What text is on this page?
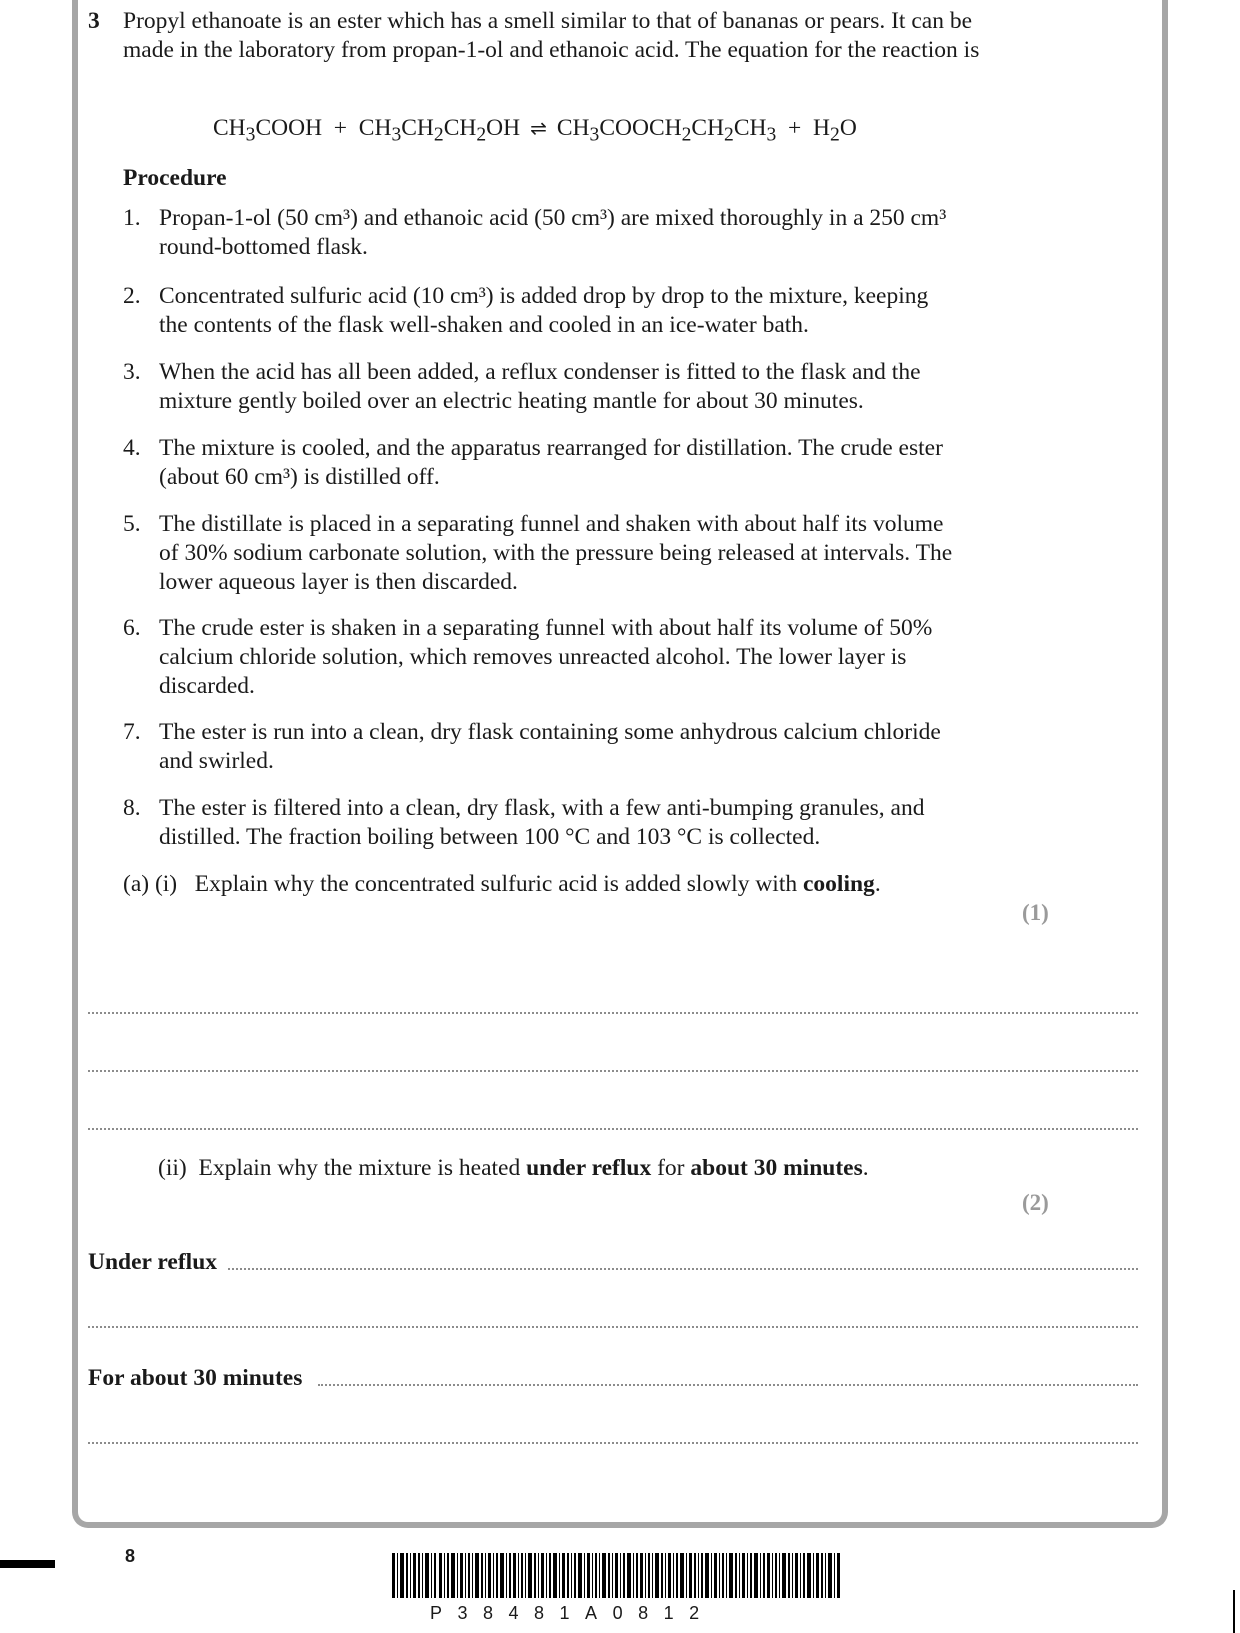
3 Propyl ethanoate is an ester which has a smell similar to that of bananas or pears. It can be made in the laboratory from propan-1-ol and ethanoic acid. The equation for the reaction is
$CH_3COOH + CH_3CH_2CH_2OH$ ⇌ $CH_3COOCH_2CH_2CH_3 + H_2O$
Procedure
1. Propan-1-ol (50 cm³) and ethanoic acid (50 cm³) are mixed thoroughly in a 250 cm³
round-bottomed flask.
2. Concentrated sulfuric acid (10 cm³) is added drop by drop to the mixture, keeping
the contents of the flask well-shaken and cooled in an ice-water bath.
3. When the acid has all been added, a reflux condenser is fitted to the flask and the
mixture gently boiled over an electric heating mantle for about 30 minutes.
4. The mixture is cooled, and the apparatus rearranged for distillation. The crude ester
(about 60 cm³) is distilled off.
5. The distillate is placed in a separating funnel and shaken with about half its volume
of 30% sodium carbonate solution, with the pressure being released at intervals. The
lower aqueous layer is then discarded.
6. The crude ester is shaken in a separating funnel with about half its volume of 50%
calcium chloride solution, which removes unreacted alcohol. The lower layer is
discarded.
7. The ester is run into a clean, dry flask containing some anhydrous calcium chloride
and swirled.
8. The ester is filtered into a clean, dry flask, with a few anti-bumping granules, and
distilled. The fraction boiling between 100 °C and 103 °C is collected.
(a) (i) Explain why the concentrated sulfuric acid is added slowly with cooling.
(1)
(ii) Explain why the mixture is heated under reflux for about 30 minutes.
(2)
Under reflux
For about 30 minutes
8
P38481A0812
